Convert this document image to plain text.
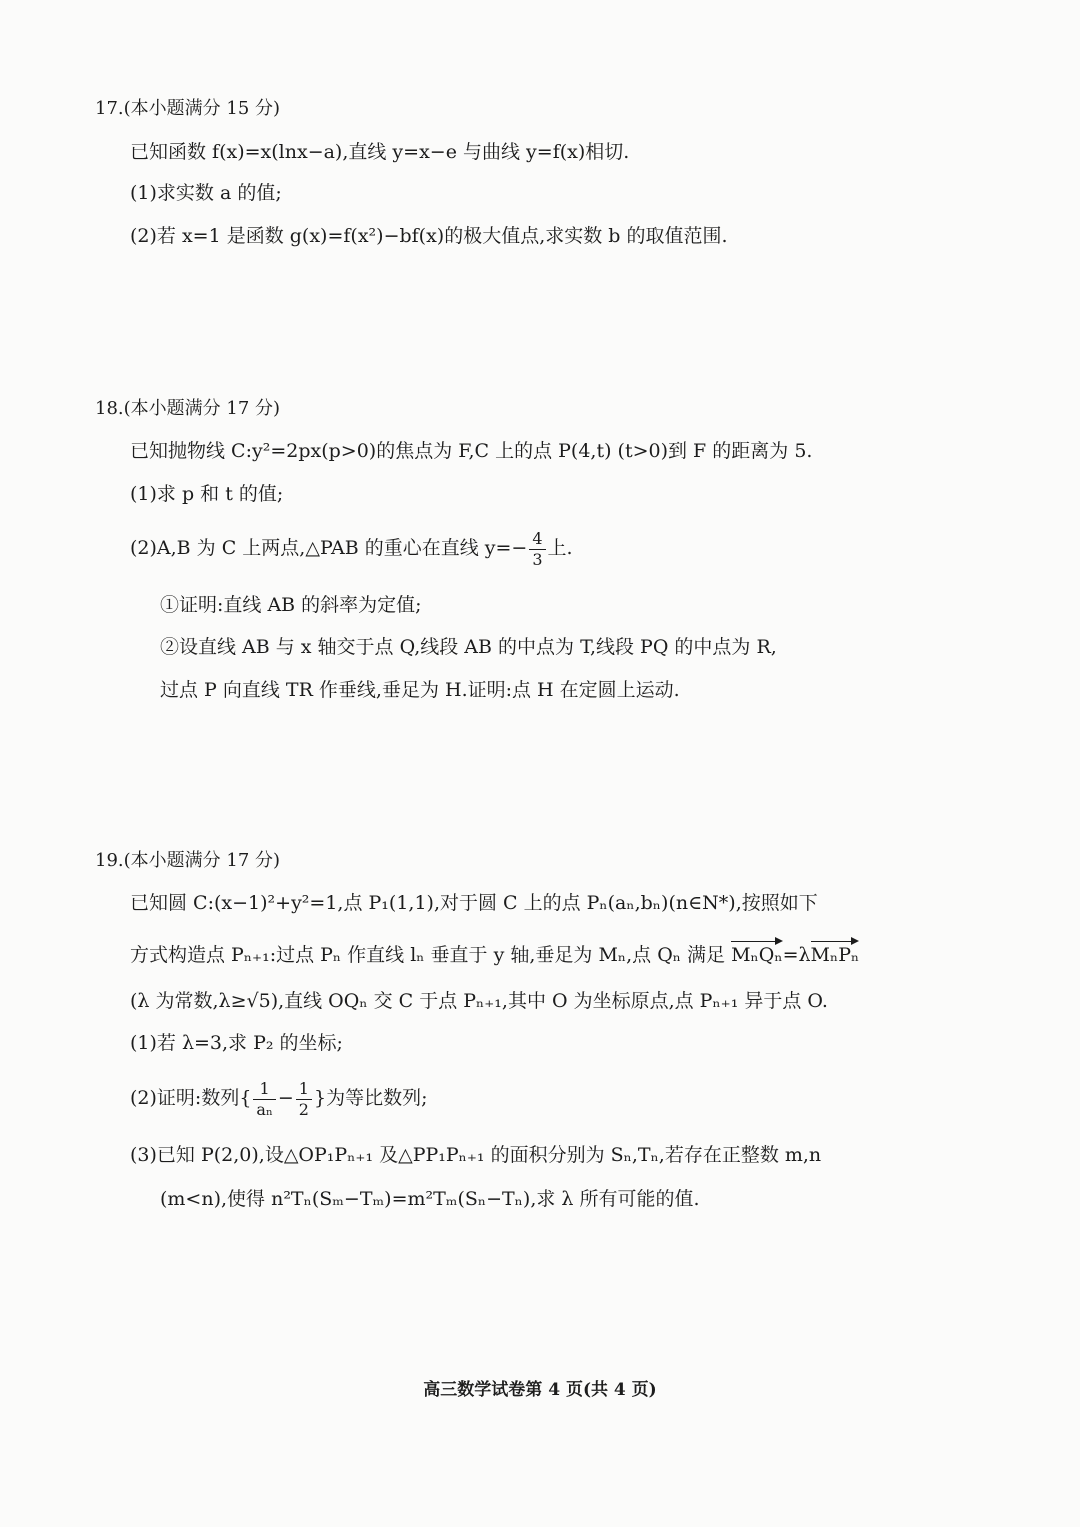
17.(本小题满分 15 分)
已知函数 f(x)=x(lnx−a),直线 y=x−e 与曲线 y=f(x)相切.
(1)求实数 a 的值;
(2)若 x=1 是函数 g(x)=f(x²)−bf(x)的极大值点,求实数 b 的取值范围.
18.(本小题满分 17 分)
已知抛物线 C:y²=2px(p>0)的焦点为 F,C 上的点 P(4,t) (t>0)到 F 的距离为 5.
(1)求 p 和 t 的值;
(2)A,B 为 C 上两点,△PAB 的重心在直线 $y=- \frac{4}{3}$ 上.
①证明:直线 AB 的斜率为定值;
②设直线 AB 与 x 轴交于点 Q,线段 AB 的中点为 T,线段 PQ 的中点为 R,
过点 P 向直线 TR 作垂线,垂足为 H.证明:点 H 在定圆上运动.
19.(本小题满分 17 分)
已知圆 C:(x−1)²+y²=1,点 P₁(1,1),对于圆 C 上的点 Pₙ(aₙ,bₙ)(n∈N*),按照如下
方式构造点 Pₙ₊₁:过点 Pₙ 作直线 lₙ 垂直于 y 轴,垂足为 Mₙ,点 Qₙ 满足 MₙQₙ=λMₙPₙ
(λ 为常数,λ≥√5),直线 OQₙ 交 C 于点 Pₙ₊₁,其中 O 为坐标原点,点 Pₙ₊₁ 异于点 O.
(1)若 λ=3,求 P₂ 的坐标;
(2)证明:数列{ $\frac{1}{\text{aₙ}} - \frac{1}{2}$ }为等比数列;
(3)已知 P(2,0),设△OP₁Pₙ₊₁ 及△PP₁Pₙ₊₁ 的面积分别为 Sₙ,Tₙ,若存在正整数 m,n
(m<n),使得 n²Tₙ(Sₘ−Tₘ)=m²Tₘ(Sₙ−Tₙ),求 λ 所有可能的值.
高三数学试卷第 4 页(共 4 页)
